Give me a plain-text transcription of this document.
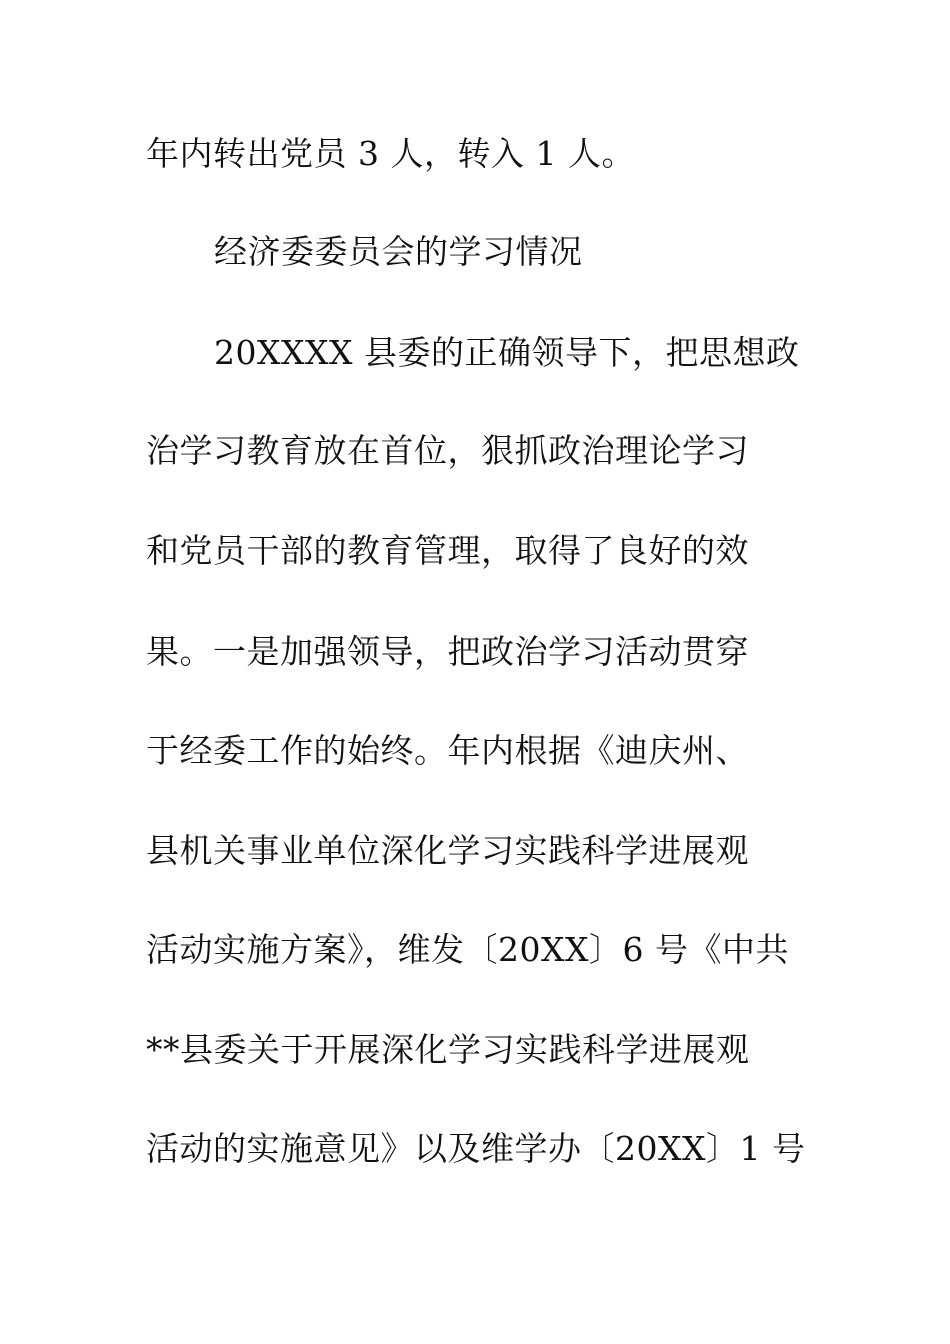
年内转出党员 3 人，转入 1 人。
经济委委员会的学习情况
20XXXX 县委的正确领导下，把思想政
治学习教育放在首位，狠抓政治理论学习
和党员干部的教育管理，取得了良好的效
果。一是加强领导，把政治学习活动贯穿
于经委工作的始终。年内根据《迪庆州、
县机关事业单位深化学习实践科学进展观
活动实施方案》，维发〔20XX〕6 号《中共
**县委关于开展深化学习实践科学进展观
活动的实施意见》以及维学办〔20XX〕1 号
